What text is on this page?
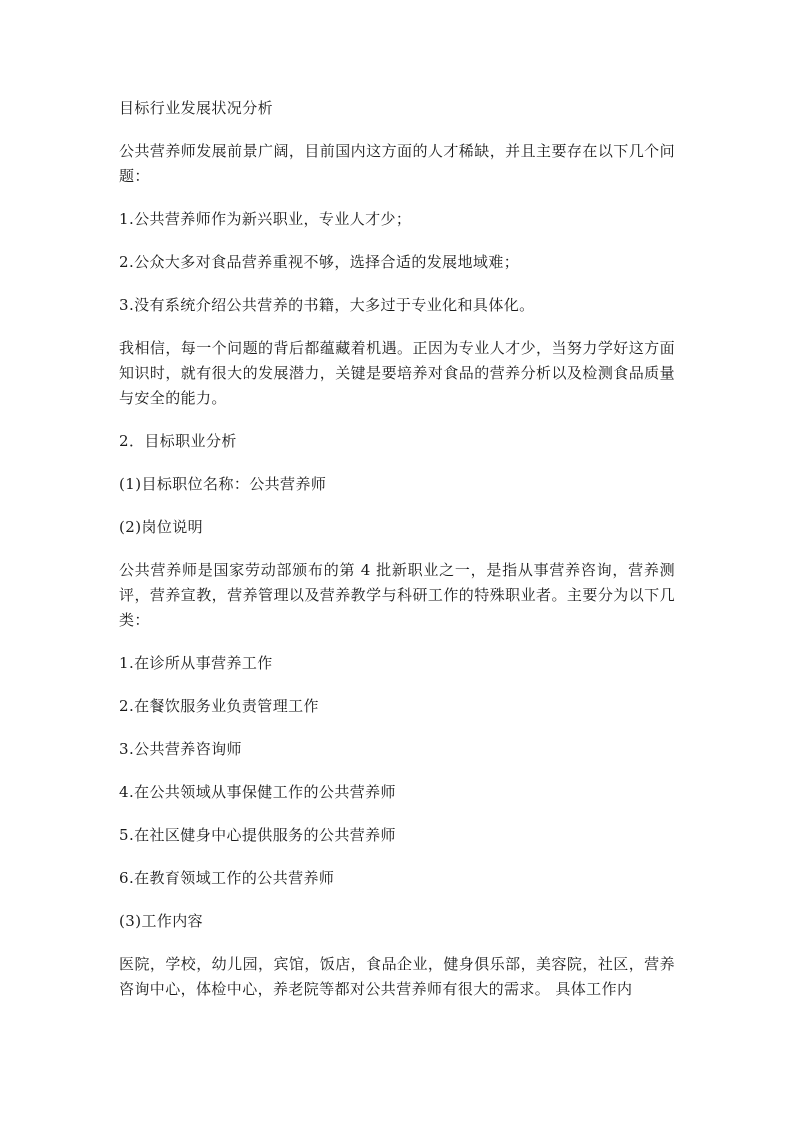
目标行业发展状况分析

公共营养师发展前景广阔，目前国内这方面的人才稀缺，并且主要存在以下几个问题：

1.公共营养师作为新兴职业，专业人才少；

2.公众大多对食品营养重视不够，选择合适的发展地域难；

3.没有系统介绍公共营养的书籍，大多过于专业化和具体化。

我相信，每一个问题的背后都蕴藏着机遇。正因为专业人才少，当努力学好这方面知识时，就有很大的发展潜力，关键是要培养对食品的营养分析以及检测食品质量与安全的能力。

2．目标职业分析

(1)目标职位名称：公共营养师

(2)岗位说明

公共营养师是国家劳动部颁布的第 4 批新职业之一，是指从事营养咨询，营养测评，营养宣教，营养管理以及营养教学与科研工作的特殊职业者。主要分为以下几类：

1.在诊所从事营养工作

2.在餐饮服务业负责管理工作

3.公共营养咨询师

4.在公共领域从事保健工作的公共营养师

5.在社区健身中心提供服务的公共营养师

6.在教育领域工作的公共营养师

(3)工作内容

医院，学校，幼儿园，宾馆，饭店，食品企业，健身俱乐部，美容院，社区，营养咨询中心，体检中心，养老院等都对公共营养师有很大的需求。 具体工作内
